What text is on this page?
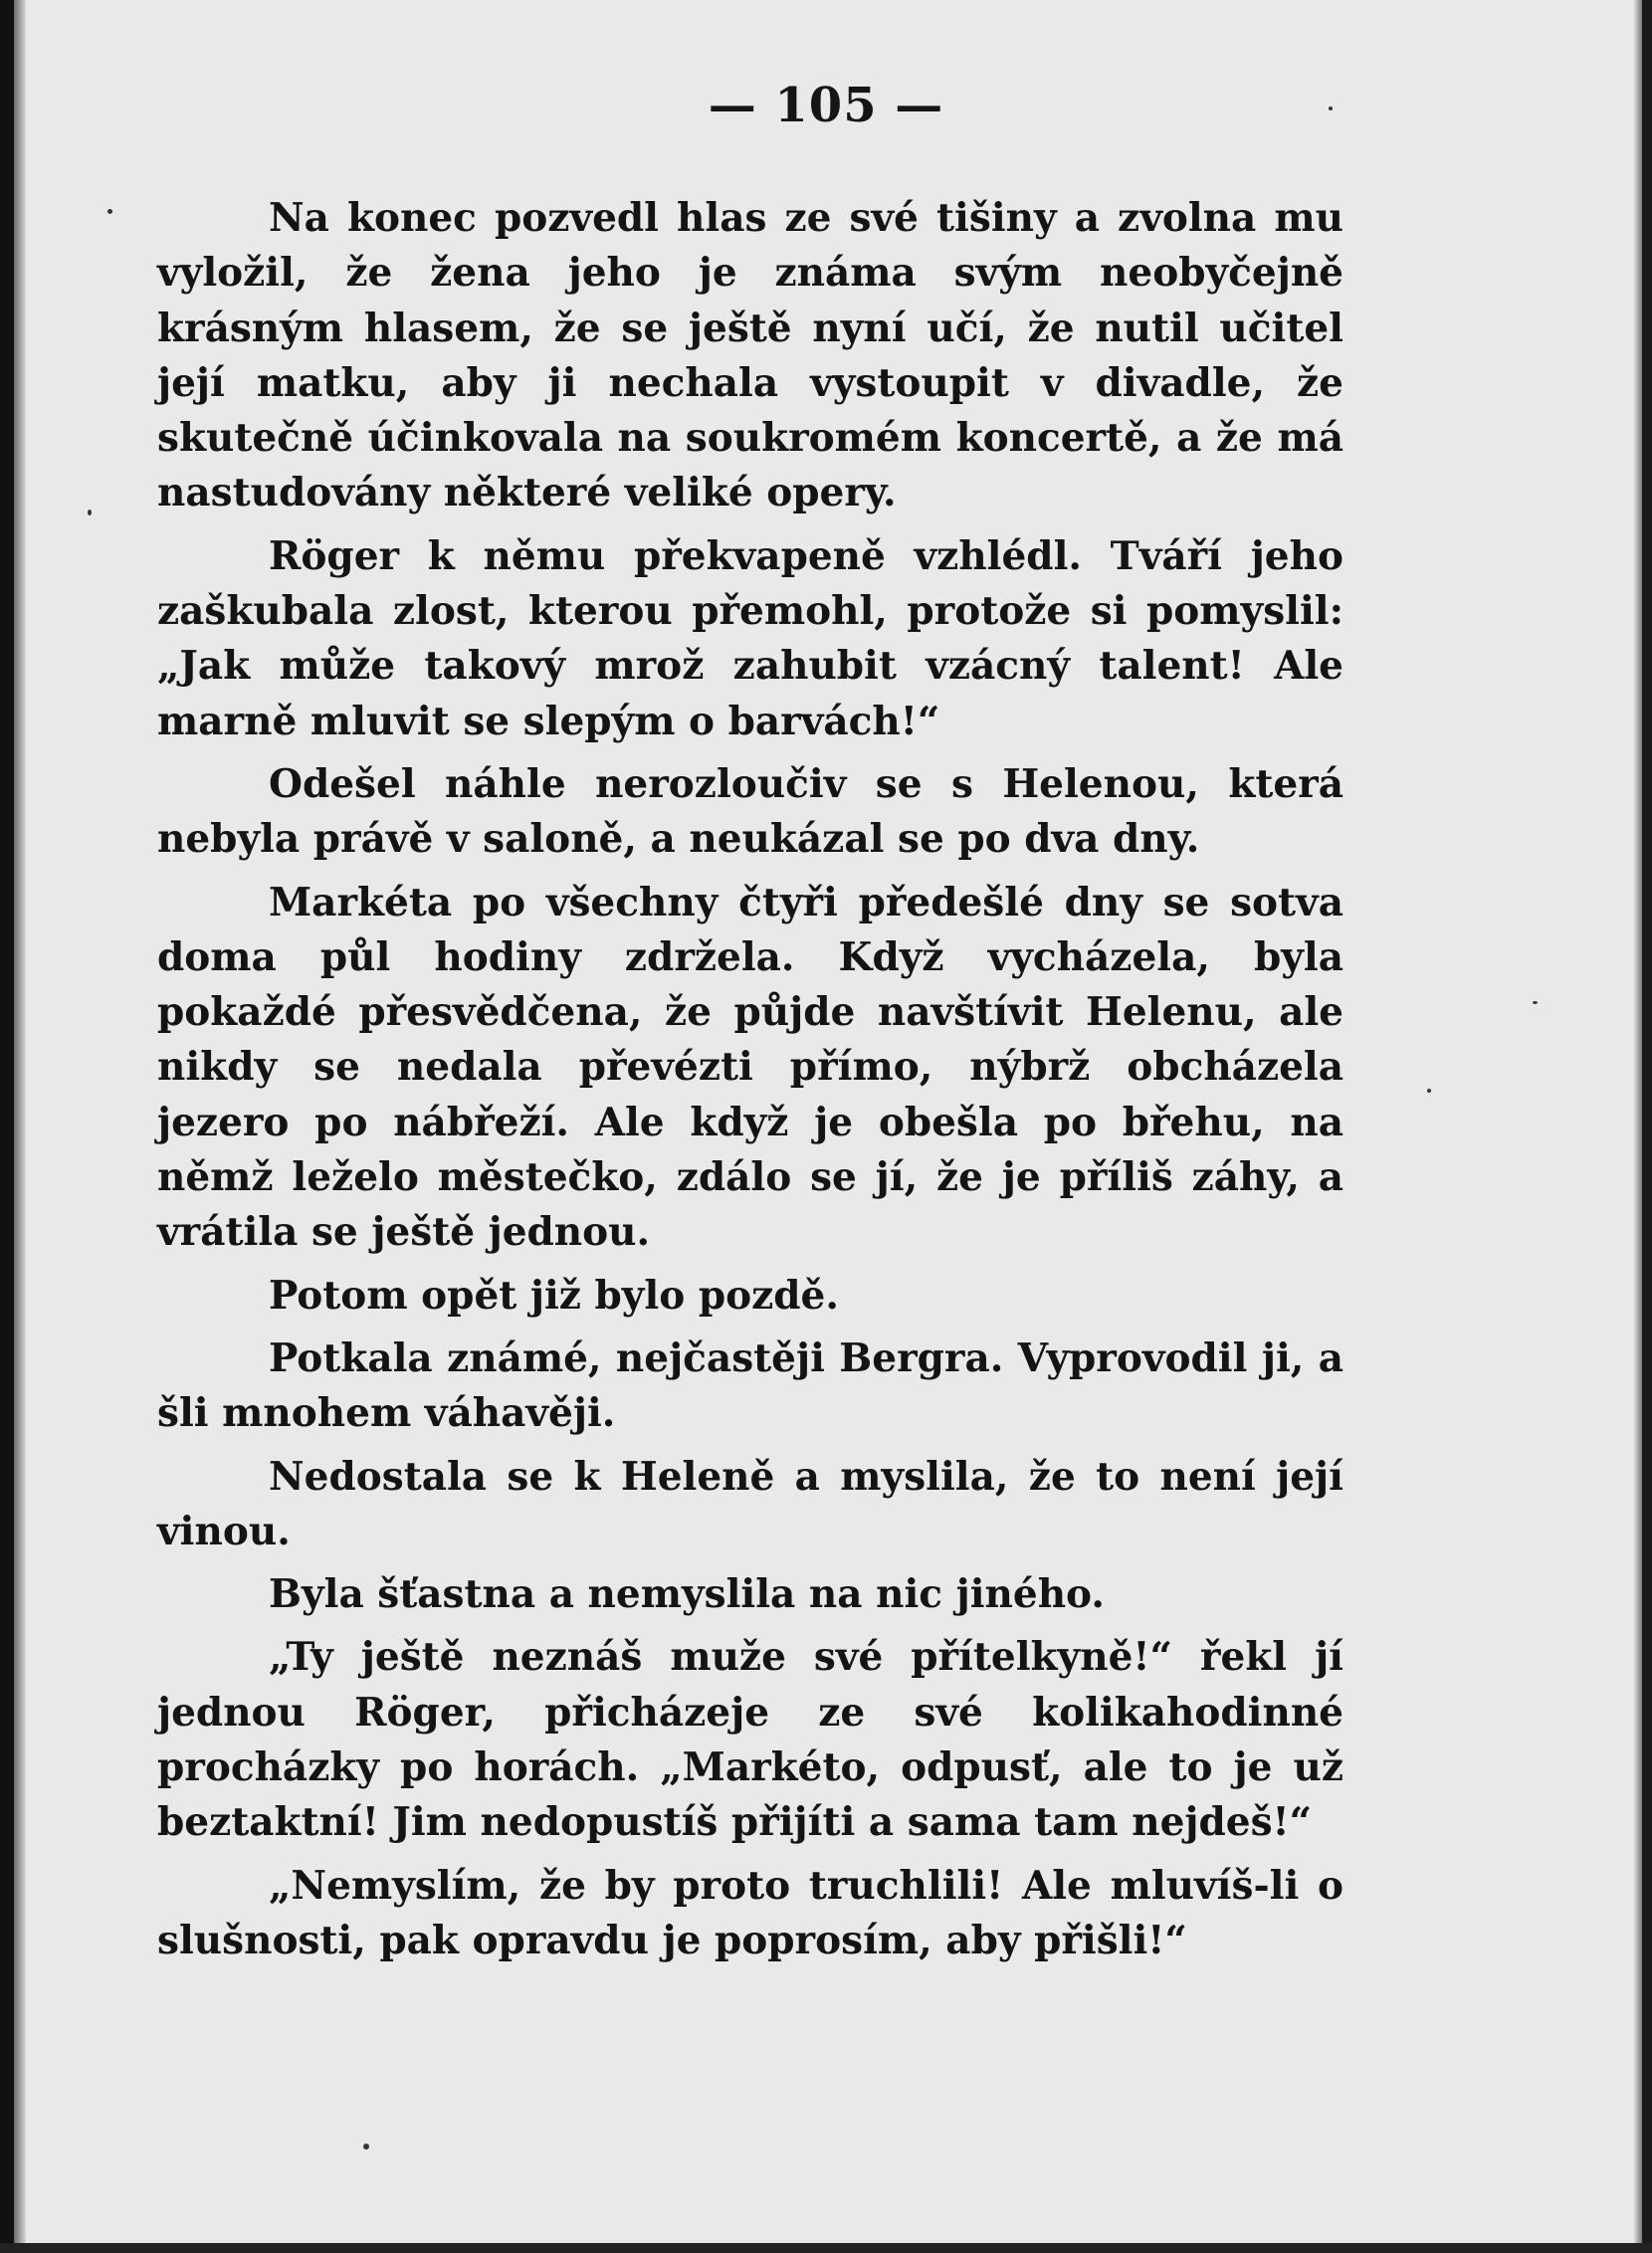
— 105 —

Na konec pozvedl hlas ze své tišiny a zvolna mu vyložil, že žena jeho je známa svým neobyčejně krásným hlasem, že se ještě nyní učí, že nutil učitel její matku, aby ji nechala vystoupit v divadle, že skutečně účinkovala na soukromém koncertě, a že má nastudovány některé veliké opery.

Röger k němu překvapeně vzhlédl. Tváří jeho zaškubala zlost, kterou přemohl, protože si pomyslil: „Jak může takový mrož zahubit vzácný talent! Ale marně mluvit se slepým o barvách!“

Odešel náhle nerozloučiv se s Helenou, která nebyla právě v saloně, a neukázal se po dva dny.

Markéta po všechny čtyři předešlé dny se sotva doma půl hodiny zdržela. Když vycházela, byla pokaždé přesvědčena, že půjde navštívit Helenu, ale nikdy se nedala převézti přímo, nýbrž obcházela jezero po nábřeží. Ale když je obešla po břehu, na němž leželo městečko, zdálo se jí, že je příliš záhy, a vrátila se ještě jednou.

Potom opět již bylo pozdě.

Potkala známé, nejčastěji Bergra. Vyprovodil ji, a šli mnohem váhavěji.

Nedostala se k Heleně a myslila, že to není její vinou.

Byla šťastna a nemyslila na nic jiného.

„Ty ještě neznáš muže své přítelkyně!“ řekl jí jednou Röger, přicházeje ze své kolikahodinné procházky po horách. „Markéto, odpusť, ale to je už beztaktní! Jim nedopustíš přijíti a sama tam nejdeš!“

„Nemyslím, že by proto truchlili! Ale mluvíš-li o slušnosti, pak opravdu je poprosím, aby přišli!“
